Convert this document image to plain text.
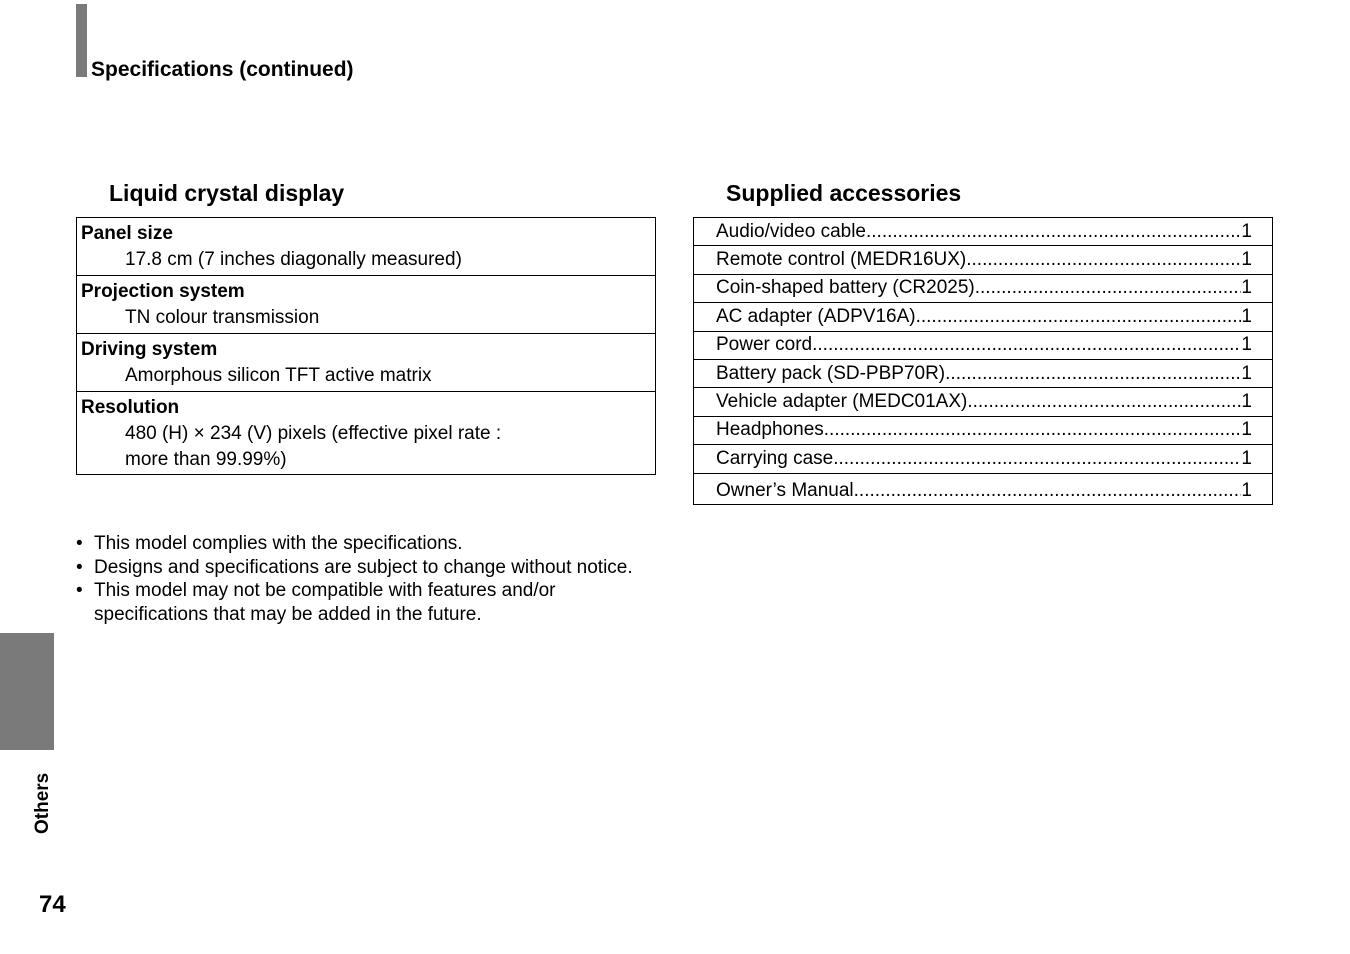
Specifications (continued)
Liquid crystal display
Panel size
17.8 cm (7 inches diagonally measured)
Projection system
TN colour transmission
Driving system
Amorphous silicon TFT active matrix
Resolution
480 (H) × 234 (V) pixels (effective pixel rate :
more than 99.99%)
Supplied accessories
Audio/video cable .....	1
Remote control (MEDR16UX) .....	1
Coin-shaped battery (CR2025) .....	1
AC adapter (ADPV16A) .....	1
Power cord .....	1
Battery pack (SD-PBP70R) .....	1
Vehicle adapter (MEDC01AX) .....	1
Headphones .....	1
Carrying case .....	1
Owner’s Manual .....	1
• This model complies with the specifications.
• Designs and specifications are subject to change without notice.
• This model may not be compatible with features and/or specifications that may be added in the future.
Others
74
